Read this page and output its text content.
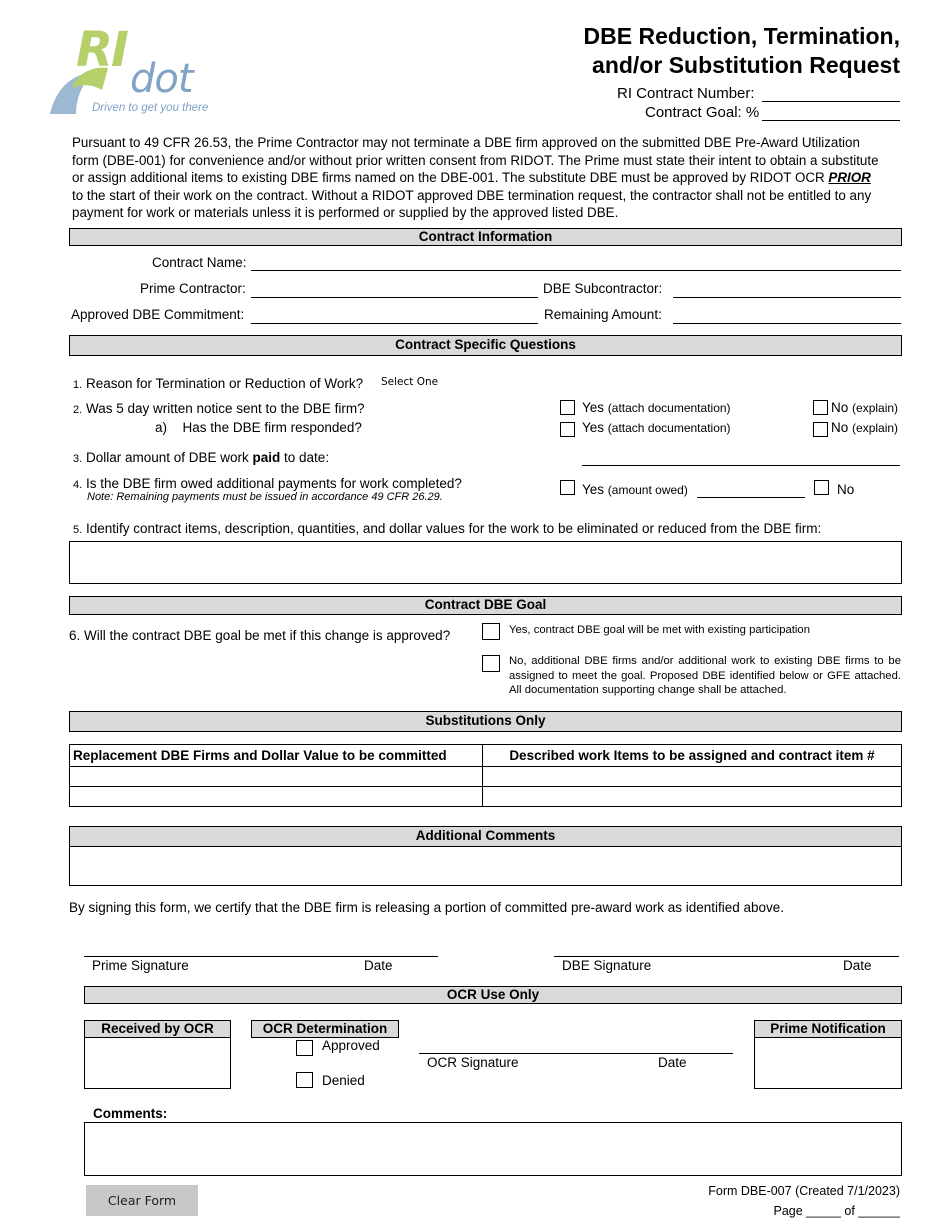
RI
dot
Driven to get you there
DBE Reduction, Termination,
and/or Substitution Request
RI Contract Number:
Contract Goal: %
Pursuant to 49 CFR 26.53, the Prime Contractor may not terminate a DBE firm approved on the submitted DBE Pre-Award Utilization form (DBE-001) for convenience and/or without prior written consent from RIDOT. The Prime must state their intent to obtain a substitute or assign additional items to existing DBE firms named on the DBE-001. The substitute DBE must be approved by RIDOT OCR PRIOR to the start of their work on the contract. Without a RIDOT approved DBE termination request, the contractor shall not be entitled to any payment for work or materials unless it is performed or supplied by the approved listed DBE.
Contract Information
Contract Name:
Prime Contractor:	DBE Subcontractor:
Approved DBE Commitment:	Remaining Amount:
Contract Specific Questions
1. Reason for Termination or Reduction of Work? Select One
2. Was 5 day written notice sent to the DBE firm?	Yes (attach documentation)	No (explain)
a) Has the DBE firm responded?	Yes (attach documentation)	No (explain)
3. Dollar amount of DBE work paid to date:
4. Is the DBE firm owed additional payments for work completed?
Note: Remaining payments must be issued in accordance 49 CFR 26.29.	Yes (amount owed)	No
5. Identify contract items, description, quantities, and dollar values for the work to be eliminated or reduced from the DBE firm:
Contract DBE Goal
6. Will the contract DBE goal be met if this change is approved?	Yes, contract DBE goal will be met with existing participation
No, additional DBE firms and/or additional work to existing DBE firms to be assigned to meet the goal. Proposed DBE identified below or GFE attached. All documentation supporting change shall be attached.
Substitutions Only
Replacement DBE Firms and Dollar Value to be committed	Described work Items to be assigned and contract item #

Additional Comments
By signing this form, we certify that the DBE firm is releasing a portion of committed pre-award work as identified above.
Prime Signature	Date	DBE Signature	Date
OCR Use Only
Received by OCR	OCR Determination
Approved
Denied
OCR Signature	Date
Prime Notification
Comments:
Clear Form
Form DBE-007 (Created 7/1/2023)
Page _____ of ______
